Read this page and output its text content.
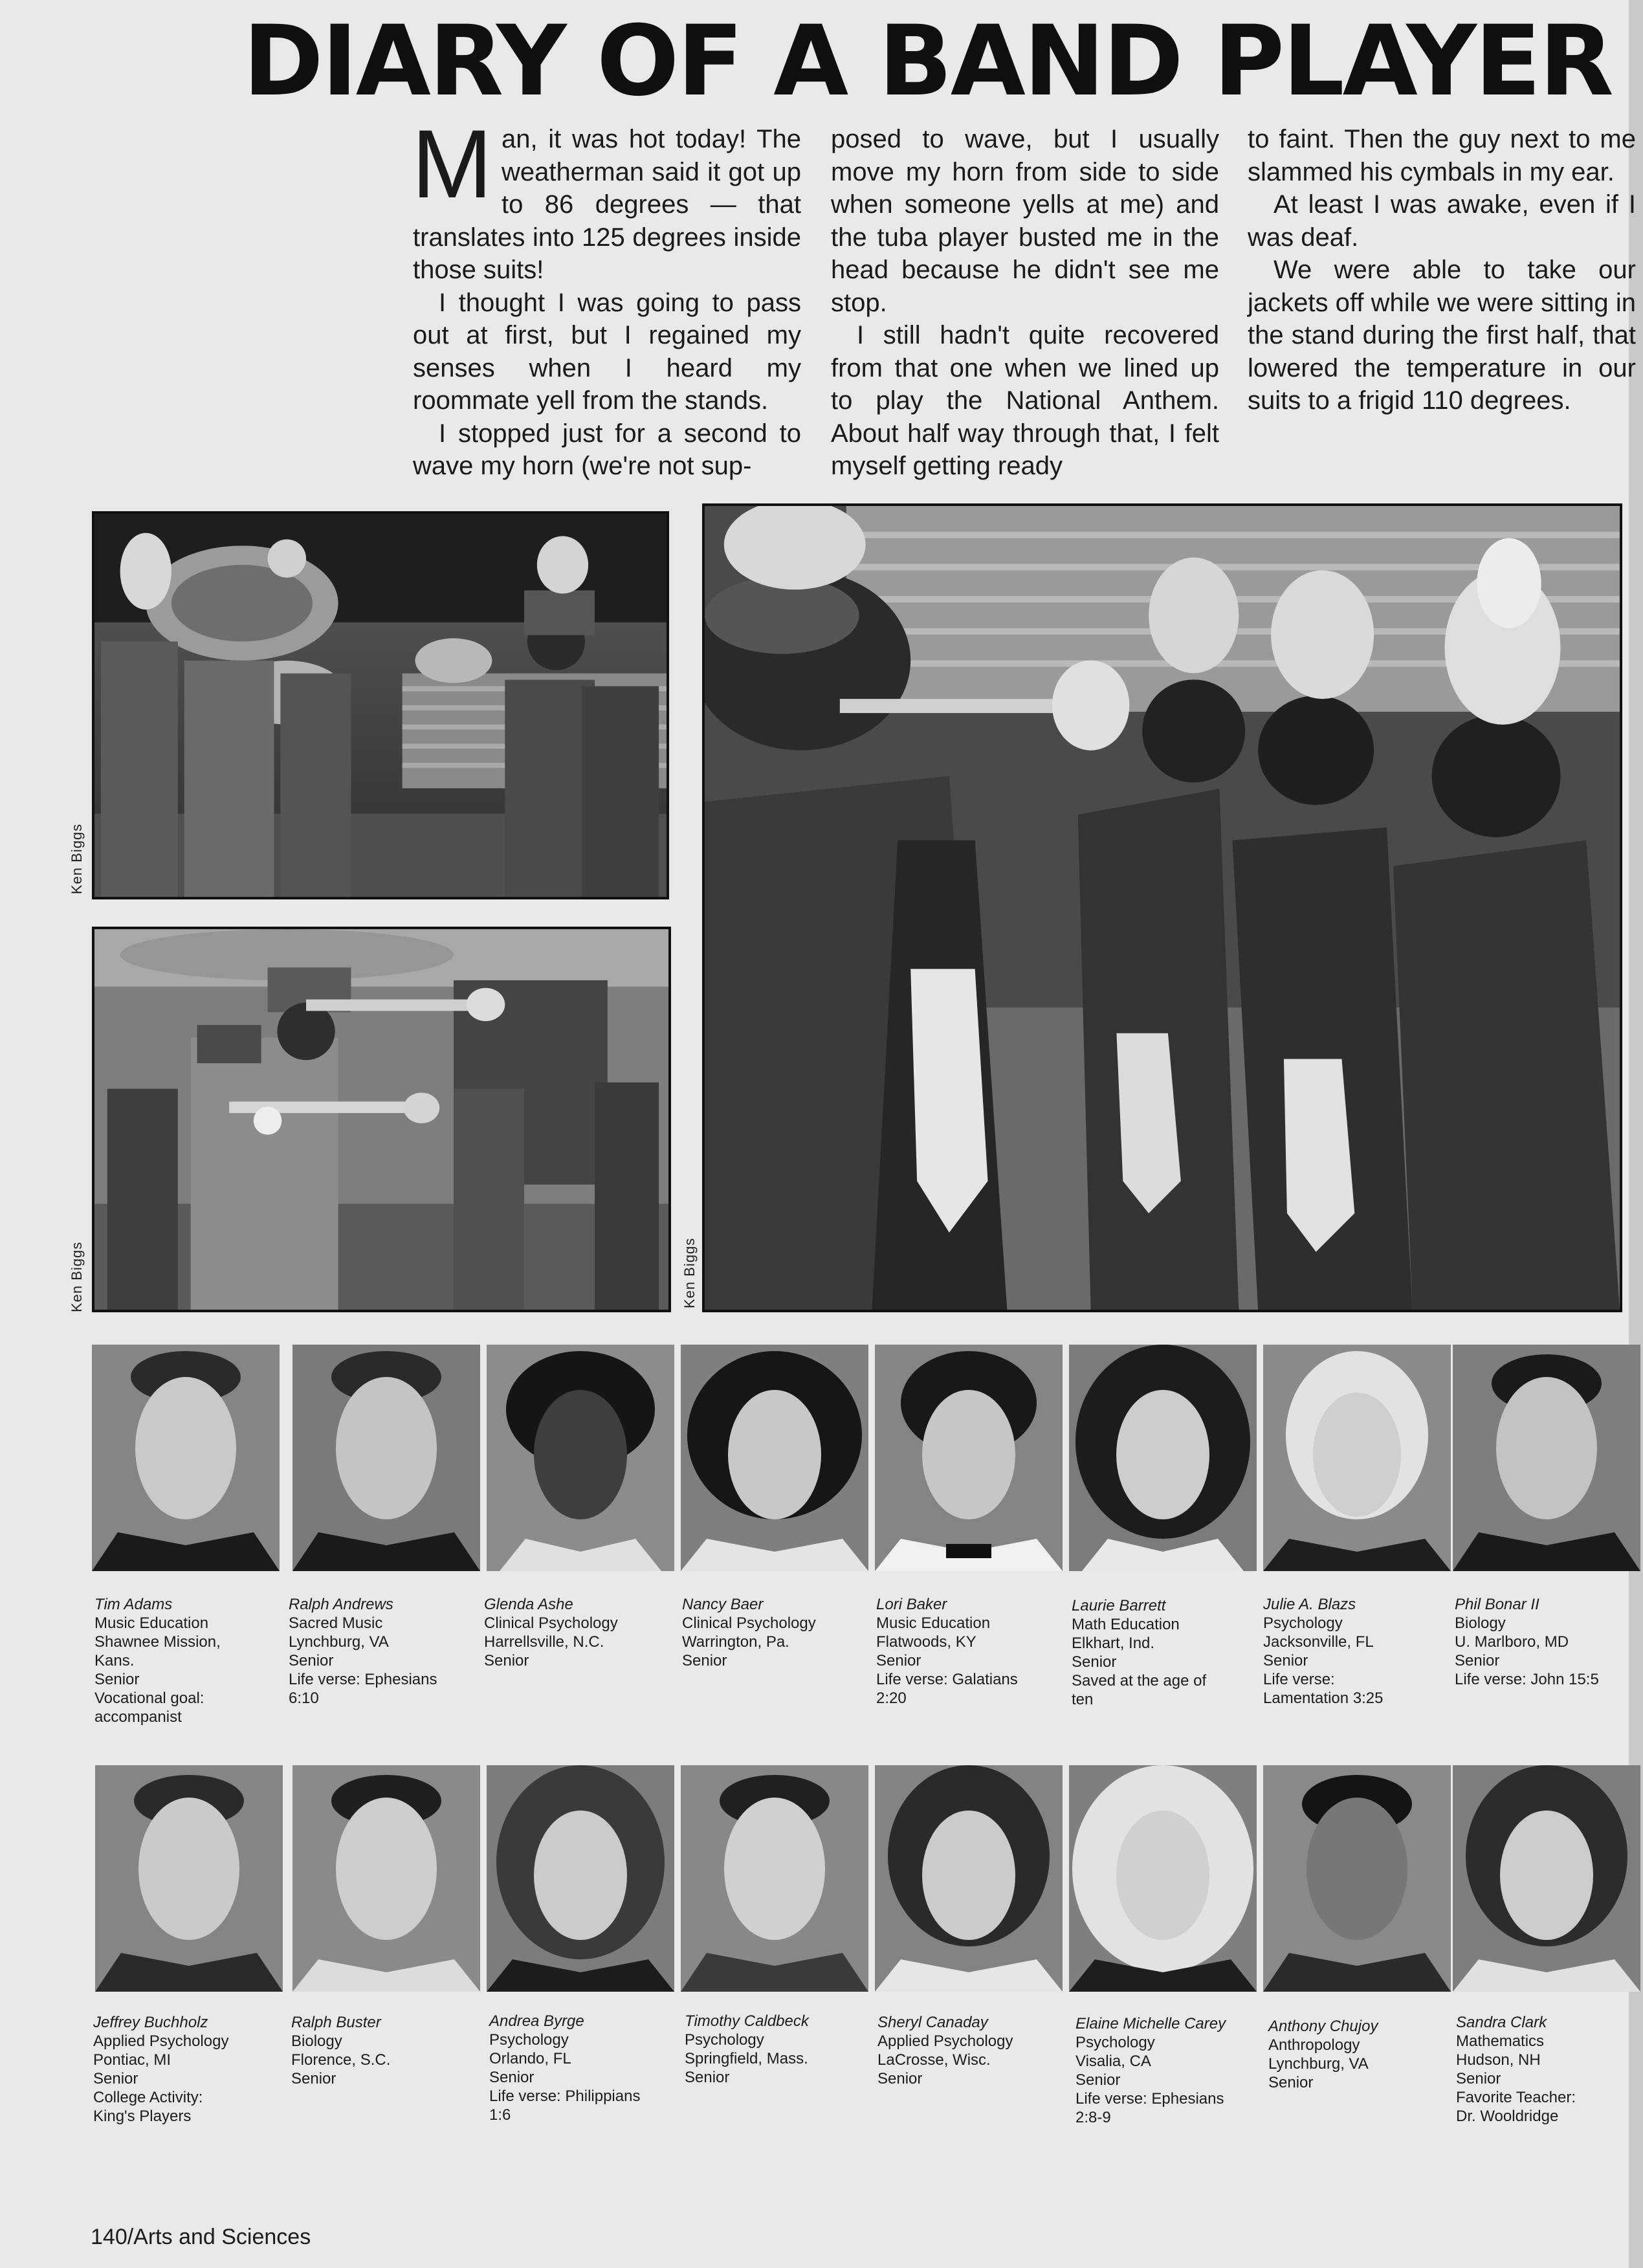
DIARY OF A BAND PLAYER

Man, it was hot today! The weatherman said it got up to 86 degrees — that translates into 125 degrees inside those suits!

I thought I was going to pass out at first, but I regained my senses when I heard my roommate yell from the stands.

I stopped just for a second to wave my horn (we're not sup-

posed to wave, but I usually move my horn from side to side when someone yells at me) and the tuba player busted me in the head because he didn't see me stop.

I still hadn't quite recovered from that one when we lined up to play the National Anthem. About half way through that, I felt myself getting ready

to faint. Then the guy next to me slammed his cymbals in my ear.

At least I was awake, even if I was deaf.

We were able to take our jackets off while we were sitting in the stand during the first half, that lowered the temperature in our suits to a frigid 110 degrees.

Ken Biggs
Ken Biggs	Ken Biggs
Tim Adams
Music Education
Shawnee Mission,
Kans.
Senior
Vocational goal:
accompanist
Ralph Andrews
Sacred Music
Lynchburg, VA
Senior
Life verse: Ephesians
6:10
Glenda Ashe
Clinical Psychology
Harrellsville, N.C.
Senior
Nancy Baer
Clinical Psychology
Warrington, Pa.
Senior
Lori Baker
Music Education
Flatwoods, KY
Senior
Life verse: Galatians
2:20
Laurie Barrett
Math Education
Elkhart, Ind.
Senior
Saved at the age of
ten
Julie A. Blazs
Psychology
Jacksonville, FL
Senior
Life verse:
Lamentation 3:25
Phil Bonar II
Biology
U. Marlboro, MD
Senior
Life verse: John 15:5
Jeffrey Buchholz
Applied Psychology
Pontiac, MI
Senior
College Activity:
King's Players
Ralph Buster
Biology
Florence, S.C.
Senior
Andrea Byrge
Psychology
Orlando, FL
Senior
Life verse: Philippians
1:6
Timothy Caldbeck
Psychology
Springfield, Mass.
Senior
Sheryl Canaday
Applied Psychology
LaCrosse, Wisc.
Senior
Elaine Michelle Carey
Psychology
Visalia, CA
Senior
Life verse: Ephesians
2:8-9
Anthony Chujoy
Anthropology
Lynchburg, VA
Senior
Sandra Clark
Mathematics
Hudson, NH
Senior
Favorite Teacher:
Dr. Wooldridge
140/Arts and Sciences
